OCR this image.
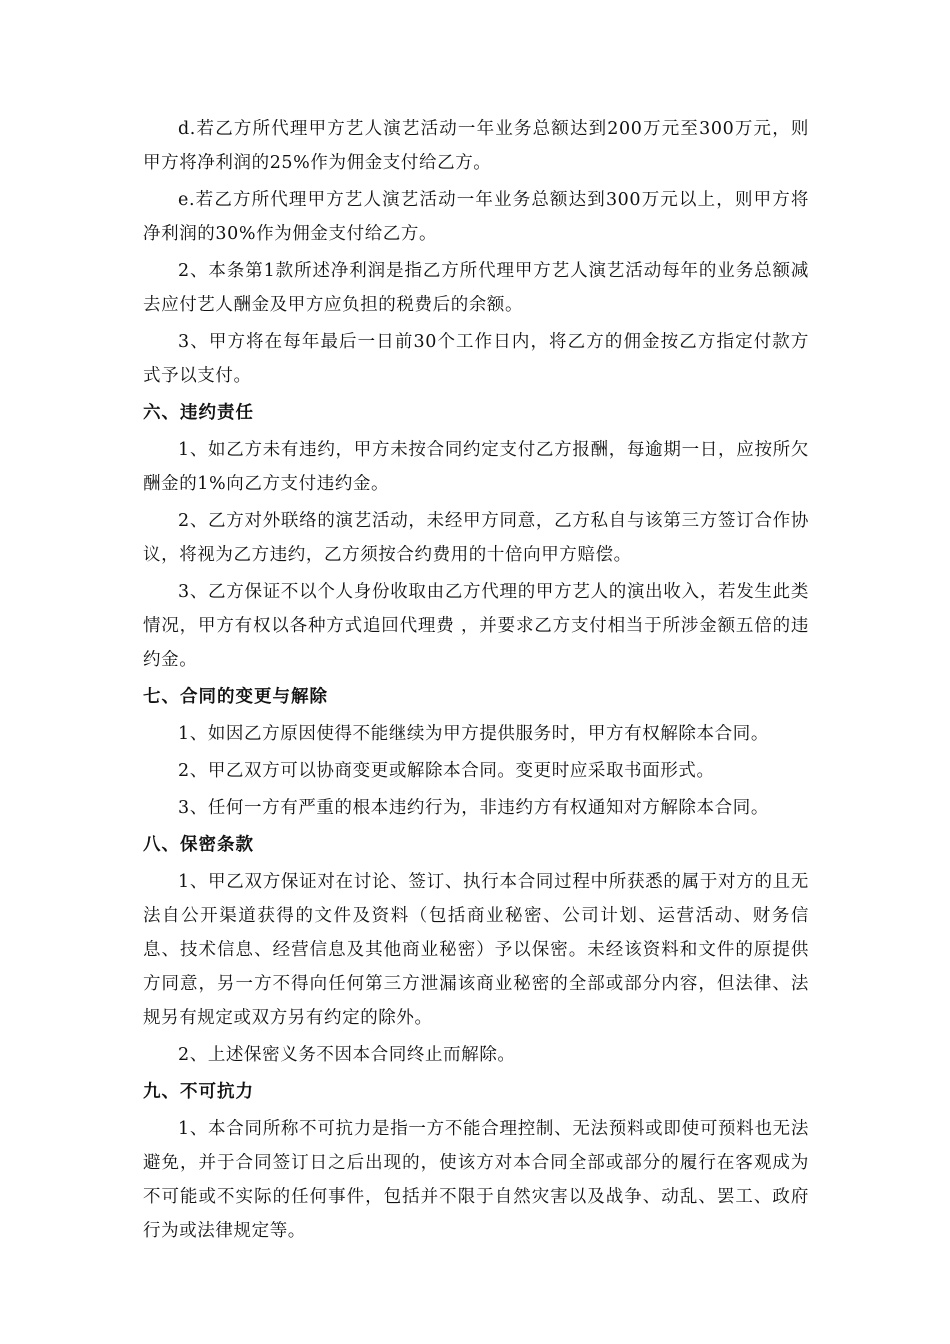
d.若乙方所代理甲方艺人演艺活动一年业务总额达到200万元至300万元，则甲方将净利润的25%作为佣金支付给乙方。

e.若乙方所代理甲方艺人演艺活动一年业务总额达到300万元以上，则甲方将净利润的30%作为佣金支付给乙方。

2、本条第1款所述净利润是指乙方所代理甲方艺人演艺活动每年的业务总额减去应付艺人酬金及甲方应负担的税费后的余额。

3、甲方将在每年最后一日前30个工作日内，将乙方的佣金按乙方指定付款方式予以支付。

六、违约责任

1、如乙方未有违约，甲方未按合同约定支付乙方报酬，每逾期一日，应按所欠酬金的1%向乙方支付违约金。

2、乙方对外联络的演艺活动，未经甲方同意，乙方私自与该第三方签订合作协议，将视为乙方违约，乙方须按合约费用的十倍向甲方赔偿。

3、乙方保证不以个人身份收取由乙方代理的甲方艺人的演出收入，若发生此类情况，甲方有权以各种方式追回代理费 ，并要求乙方支付相当于所涉金额五倍的违约金。

七、合同的变更与解除

1、如因乙方原因使得不能继续为甲方提供服务时，甲方有权解除本合同。

2、甲乙双方可以协商变更或解除本合同。变更时应采取书面形式。

3、任何一方有严重的根本违约行为，非违约方有权通知对方解除本合同。

八、保密条款

1、甲乙双方保证对在讨论、签订、执行本合同过程中所获悉的属于对方的且无法自公开渠道获得的文件及资料（包括商业秘密、公司计划、运营活动、财务信息、技术信息、经营信息及其他商业秘密）予以保密。未经该资料和文件的原提供方同意，另一方不得向任何第三方泄漏该商业秘密的全部或部分内容，但法律、法规另有规定或双方另有约定的除外。

2、上述保密义务不因本合同终止而解除。

九、不可抗力

1、本合同所称不可抗力是指一方不能合理控制、无法预料或即使可预料也无法避免，并于合同签订日之后出现的，使该方对本合同全部或部分的履行在客观成为不可能或不实际的任何事件，包括并不限于自然灾害以及战争、动乱、罢工、政府行为或法律规定等。
